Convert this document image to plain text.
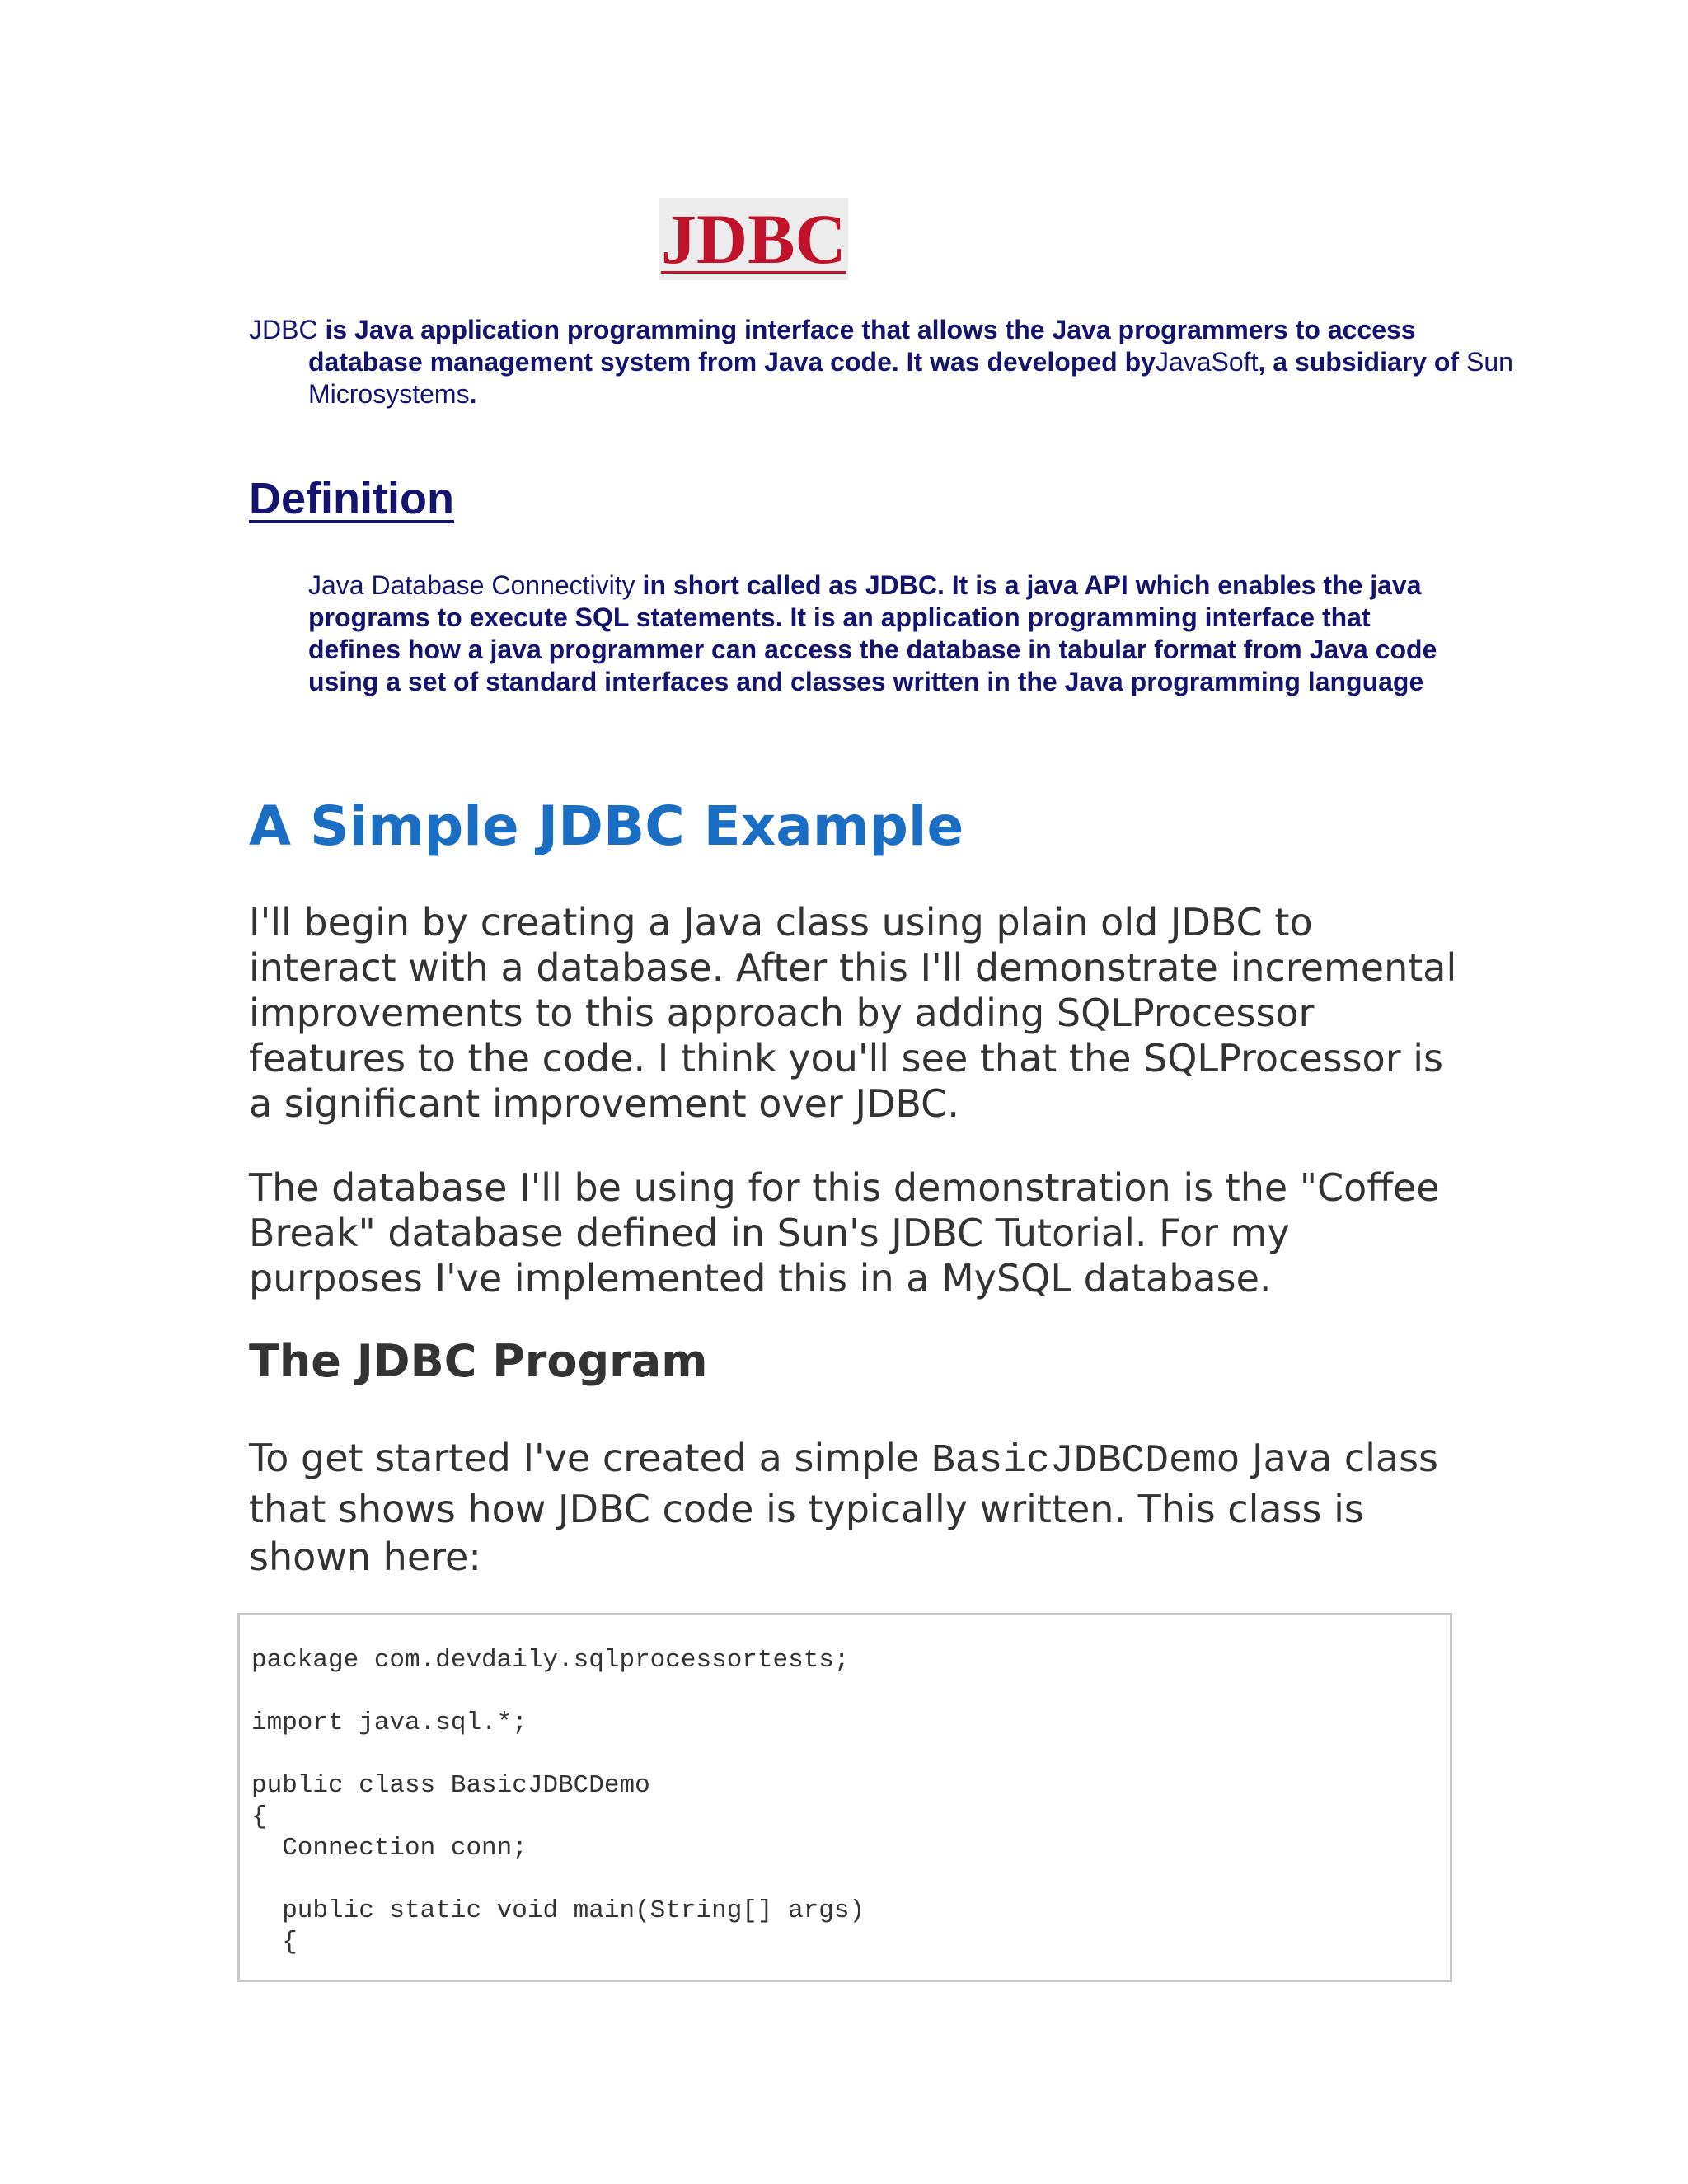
JDBC

JDBC is Java application programming interface that allows the Java programmers to access database management system from Java code. It was developed byJavaSoft, a subsidiary of Sun Microsystems.

Definition

Java Database Connectivity in short called as JDBC. It is a java API which enables the java programs to execute SQL statements. It is an application programming interface that defines how a java programmer can access the database in tabular format from Java code using a set of standard interfaces and classes written in the Java programming language

A Simple JDBC Example

I'll begin by creating a Java class using plain old JDBC to interact with a database. After this I'll demonstrate incremental improvements to this approach by adding SQLProcessor features to the code. I think you'll see that the SQLProcessor is a significant improvement over JDBC.

The database I'll be using for this demonstration is the "Coffee Break" database defined in Sun's JDBC Tutorial. For my purposes I've implemented this in a MySQL database.

The JDBC Program

To get started I've created a simple BasicJDBCDemo Java class that shows how JDBC code is typically written. This class is shown here:

package com.devdaily.sqlprocessortests;

import java.sql.*;

public class BasicJDBCDemo
{
Connection conn;

public static void main(String[] args)
{
